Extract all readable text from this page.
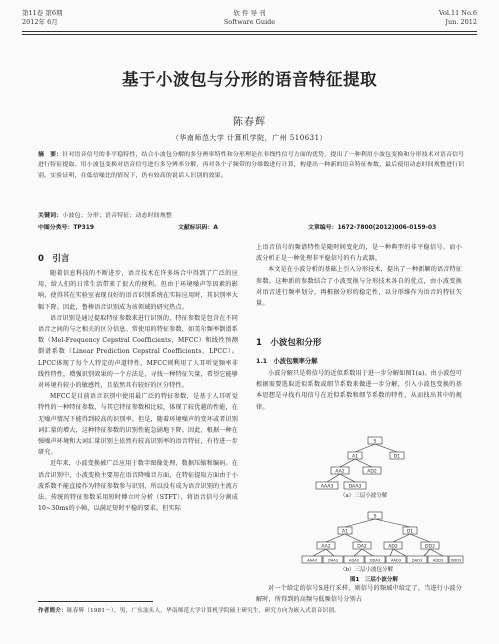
第11卷 第6期
2012年 6月
软 件 导 刊
Software Guide
Vol.11 No.6
Jun. 2012
基于小波包与分形的语音特征提取
陈春辉
（华南师范大学 计算机学院，广州 510631）
摘　要：针对语音信号的非平稳特性，结合小波包分解的多分辨率特性和分形理论在非线性信号方面的优势，提出了一种利用小波包变换和分形技术对语音信号进行特征提取。用小波包变换对语音信号进行多分辨率分解，再对各个子频带的分维数进行计算，构建出一种新的语音特征参数，最后使用动态时间规整进行识别。实验证明，在低信噪比的情况下，仍有较高的说话人识别的效果。
关键词：小波包；分形；语音特征；动态时间规整
中图分类号：TP319	文献标识码：A	文章编号：1672-7800(2012)006-0159-03
0　引言

随着信息科技的不断进步，语音技术在许多场合中得到了广泛的应用，给人们的日常生活带来了很大的便利。但由于环境噪声等因素的影响，使得其在实验室表现良好的语音识别系统在实际应用时，其识别率大幅下降。因此，鲁棒语音识别成为该领域的研究热点。

语音识别是通过提取特征参数来进行识别的，特征参数是包含在不同语音之间的与之相关的区分信息。常使用的特征参数，如美尔频率倒谱系数（Mel-Frequency Cepstral Coefficients，MFCC）和线性预测倒谱系数（Linear Prediction Cepstral Coefficients，LPCC）。LPCC体现了每个人特定的声道特性，MFCC则利用了人耳听觉频率非线性特性，增强识别效果的一个方法是，寻找一种特征矢量，希望它能够对环境有较小的敏感性，且依然具有较好的区分特性。

MFCC是目前语音识别中使用最广泛的特征参数，是基于人耳听觉特性的一种特征参数，与其它特征参数相比较，体现了较优越的性能，在无噪声情况下能得到较高的识别率。但是，随着环境噪声的变坏或者识别词汇量的增大，这种特征参数的识别性能急剧地下降。因此，根据一种在强噪声环境和大词汇量识别上依然有较高识别率的语音特征，有待进一步研究。

近年来，小波变换被广泛应用于数字图像处理、数据压缩和编码。在语音识别中，小波变换主要用在语音降噪音方面，在特征提取方面由于小波系数不能直接作为特征参数参与识别，所以没有成为语音识别的主流方法。传统的特征参数采用短时傅立叶分析（STFT），将语音信号分割成10~30ms的小帧，以满足短时平稳的要求。但实际

上语音信号的频谱特性是随时间变化的，是一种典型的非平稳信号。而小波分析正是一种处理非平稳信号的有力武器。

本文是在小波分析的基础上引入分形技术，提出了一种新颖的语音特征参数。这种新的参数结合了小波变换与分形技术各自的优点，由小波变换对语音进行频率划分，再根据分形的稳定性，以分形维作为语音的特征矢量。

1　小波包和分形
1.1　小波包频率分解

小波分解只是将信号的近似系数用于进一步分解如图1(a)。由小波包可根据需要选取近似系数或细节系数来做进一步分解，引入小波包变换的基本思想是寻找有用信号在近似系数和细节系数的特性，从而找出其中的规律。

S
A1	D1
AA2	AD2
AAA3	DAA3
S
A1	D1
AA2	DA2	AD2	DD2
AAA3	DAA3	ADA3	DDA3	AAD3	DAD3	ADD3 DDD3
（a）三层小波分解
（b）三层小波包分解
图1　三层小波分解

对一个给定的信号S进行采样，则信号的频域中给定了，当进行小波分解时，所得到的高频与低频信号分别占

作者简介：陈春辉（1981－），男，广东汕头人，华南师范大学计算机学院硕士研究生，研究方向为嵌入式语音识别。
